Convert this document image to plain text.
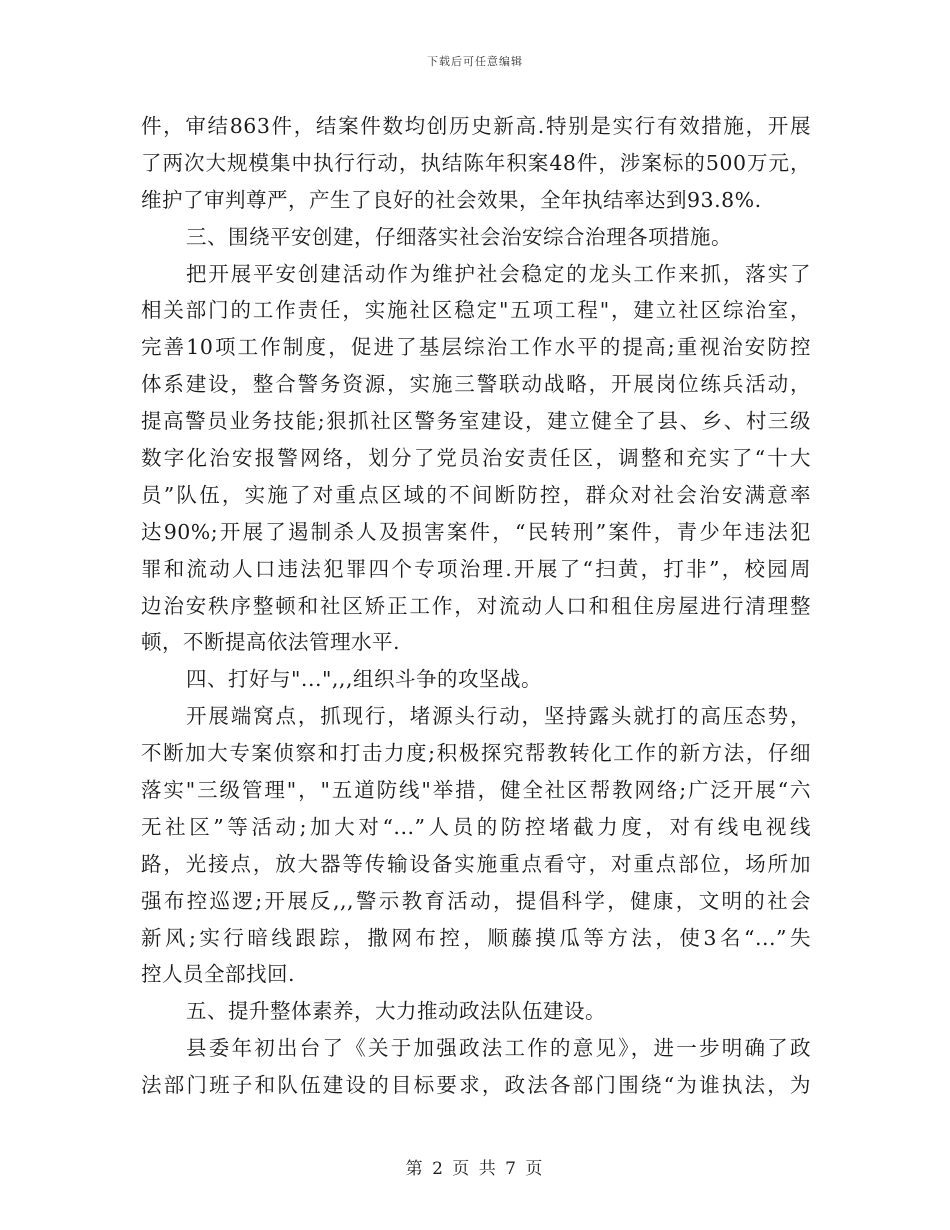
下载后可任意编辑
件，审结863件，结案件数均创历史新高.特别是实行有效措施，开展
了两次大规模集中执行行动，执结陈年积案48件，涉案标的500万元，
维护了审判尊严，产生了良好的社会效果，全年执结率达到93.8%.
三、围绕平安创建，仔细落实社会治安综合治理各项措施。
把开展平安创建活动作为维护社会稳定的龙头工作来抓，落实了
相关部门的工作责任，实施社区稳定"五项工程"，建立社区综治室，
完善10项工作制度，促进了基层综治工作水平的提高;重视治安防控
体系建设，整合警务资源，实施三警联动战略，开展岗位练兵活动，
提高警员业务技能;狠抓社区警务室建设，建立健全了县、乡、村三级
数字化治安报警网络，划分了党员治安责任区，调整和充实了“十大
员”队伍，实施了对重点区域的不间断防控，群众对社会治安满意率
达90%;开展了遏制杀人及损害案件，“民转刑”案件，青少年违法犯
罪和流动人口违法犯罪四个专项治理.开展了“扫黄，打非”，校园周
边治安秩序整顿和社区矫正工作，对流动人口和租住房屋进行清理整
顿，不断提高依法管理水平.
四、打好与"...",,,组织斗争的攻坚战。
开展端窝点，抓现行，堵源头行动，坚持露头就打的高压态势，
不断加大专案侦察和打击力度;积极探究帮教转化工作的新方法，仔细
落实"三级管理"，"五道防线"举措，健全社区帮教网络;广泛开展“六
无社区”等活动;加大对“...”人员的防控堵截力度，对有线电视线
路，光接点，放大器等传输设备实施重点看守，对重点部位，场所加
强布控巡逻;开展反,,,警示教育活动，提倡科学，健康，文明的社会
新风;实行暗线跟踪，撒网布控，顺藤摸瓜等方法，使3名“...”失
控人员全部找回.
五、提升整体素养，大力推动政法队伍建设。
县委年初出台了《关于加强政法工作的意见》，进一步明确了政
法部门班子和队伍建设的目标要求，政法各部门围绕“为谁执法，为
第 2 页 共 7 页
